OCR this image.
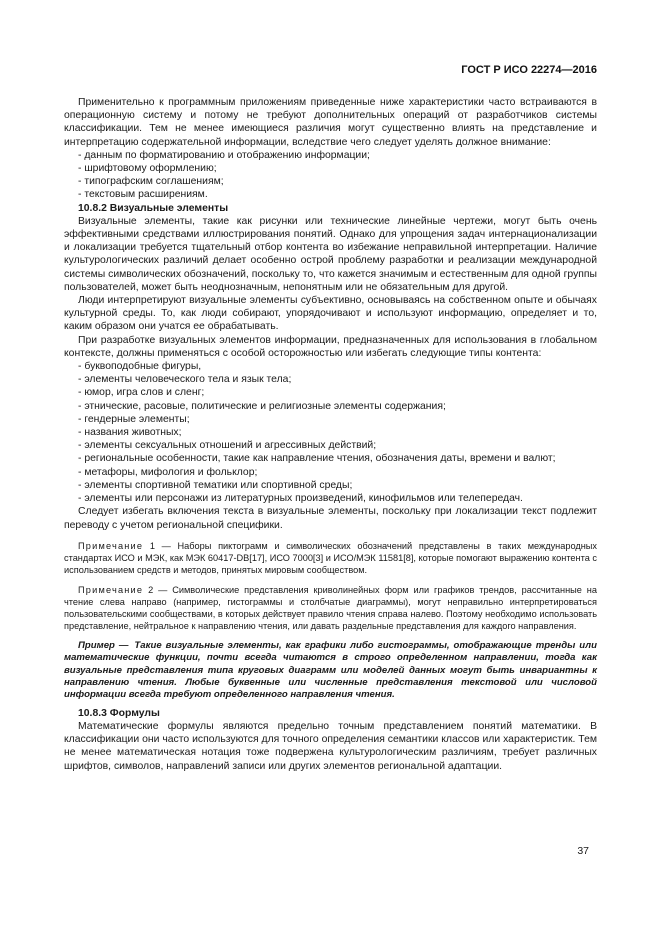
ГОСТ Р ИСО 22274—2016

Применительно к программным приложениям приведенные ниже характеристики часто встраиваются в операционную систему и потому не требуют дополнительных операций от разработчиков системы классификации. Тем не менее имеющиеся различия могут существенно влиять на представление и интерпретацию содержательной информации, вследствие чего следует уделять должное внимание:

- данным по форматированию и отображению информации;
- шрифтовому оформлению;
- типографским соглашениям;
- текстовым расширениям.
10.8.2 Визуальные элементы

Визуальные элементы, такие как рисунки или технические линейные чертежи, могут быть очень эффективными средствами иллюстрирования понятий. Однако для упрощения задач интернационализации и локализации требуется тщательный отбор контента во избежание неправильной интерпретации. Наличие культурологических различий делает особенно острой проблему разработки и реализации международной системы символических обозначений, поскольку то, что кажется значимым и естественным для одной группы пользователей, может быть неоднозначным, непонятным или не обязательным для другой.

Люди интерпретируют визуальные элементы субъективно, основываясь на собственном опыте и обычаях культурной среды. То, как люди собирают, упорядочивают и используют информацию, определяет и то, каким образом они учатся ее обрабатывать.

При разработке визуальных элементов информации, предназначенных для использования в глобальном контексте, должны применяться с особой осторожностью или избегать следующие типы контента:

- буквоподобные фигуры,
- элементы человеческого тела и язык тела;
- юмор, игра слов и сленг;
- этнические, расовые, политические и религиозные элементы содержания;
- гендерные элементы;
- названия животных;
- элементы сексуальных отношений и агрессивных действий;
- региональные особенности, такие как направление чтения, обозначения даты, времени и валют;
- метафоры, мифология и фольклор;
- элементы спортивной тематики или спортивной среды;
- элементы или персонажи из литературных произведений, кинофильмов или телепередач.

Следует избегать включения текста в визуальные элементы, поскольку при локализации текст подлежит переводу с учетом региональной специфики.

Примечание 1 — Наборы пиктограмм и символических обозначений представлены в таких международных стандартах ИСО и МЭК, как МЭК 60417-DB[17], ИСО 7000[3] и ИСО/МЭК 11581[8], которые помогают выражению контента с использованием средств и методов, принятых мировым сообществом.

Примечание 2 — Символические представления криволинейных форм или графиков трендов, рассчитанные на чтение слева направо (например, гистограммы и столбчатые диаграммы), могут неправильно интерпретироваться пользовательскими сообществами, в которых действует правило чтения справа налево. Поэтому необходимо использовать представление, нейтральное к направлению чтения, или давать раздельные представления для каждого направления.

Пример — Такие визуальные элементы, как графики либо гистограммы, отображающие тренды или математические функции, почти всегда читаются в строго определенном направлении, тогда как визуальные представления типа круговых диаграмм или моделей данных могут быть инвариантны к направлению чтения. Любые буквенные или численные представления текстовой или числовой информации всегда требуют определенного направления чтения.

10.8.3 Формулы

Математические формулы являются предельно точным представлением понятий математики. В классификации они часто используются для точного определения семантики классов или характеристик. Тем не менее математическая нотация тоже подвержена культурологическим различиям, требует различных шрифтов, символов, направлений записи или других элементов региональной адаптации.

37
